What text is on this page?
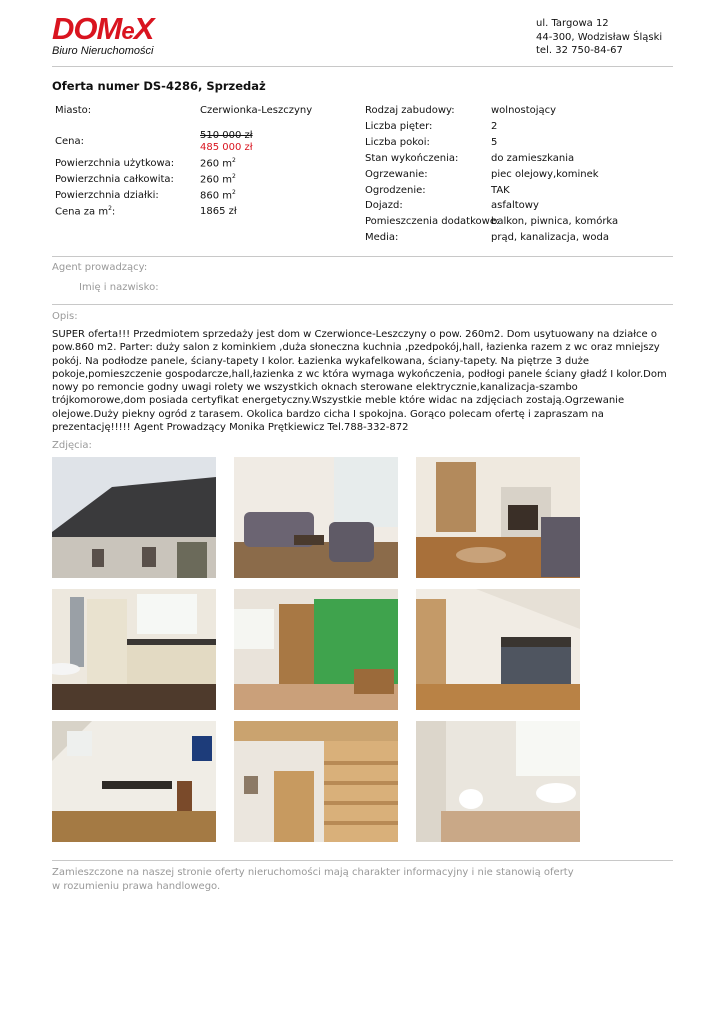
DOMeX
Biuro Nieruchomości
ul. Targowa 12
44-300, Wodzisław Śląski
tel. 32 750-84-67
Oferta numer DS-4286, Sprzedaż
Miasto:	Czerwionka-Leszczyny
Cena:
510 000 zł
485 000 zł
Powierzchnia użytkowa:	260 $m^2$
Powierzchnia całkowita:	260 $m^2$
Powierzchnia działki:	860 $m^2$
Cena za $m^2$:	1865 zł
Rodzaj zabudowy:	wolnostojący
Liczba pięter:	2
Liczba pokoi:	5
Stan wykończenia:	do zamieszkania
Ogrzewanie:	piec olejowy,kominek
Ogrodzenie:	TAK
Dojazd:	asfaltowy
Pomieszczenia dodatkowe:
balkon, piwnica, komórka
Media:	prąd, kanalizacja, woda
Agent prowadzący:
Imię i nazwisko:
Opis:
SUPER oferta!!! Przedmiotem sprzedaży jest dom w Czerwionce-Leszczyny o pow. 260m2. Dom usytuowany na działce o pow.860 m2. Parter: duży salon z kominkiem ,duża słoneczna kuchnia ,pzedpokój,hall, łazienka razem z wc oraz mniejszy pokój. Na podłodze panele, ściany-tapety I kolor. Łazienka wykafelkowana, ściany-tapety. Na piętrze 3 duże pokoje,pomieszczenie gospodarcze,hall,łazienka z wc która wymaga wykończenia, podłogi panele ściany gładź I kolor.Dom nowy po remoncie godny uwagi rolety we wszystkich oknach sterowane elektrycznie,kanalizacja-szambo trójkomorowe,dom posiada certyfikat energetyczny.Wszystkie meble które widac na zdjęciach zostają.Ogrzewanie olejowe.Duży piekny ogród z tarasem. Okolica bardzo cicha I spokojna. Gorąco polecam ofertę i zapraszam na prezentację!!!!! Agent Prowadzący Monika Prętkiewicz Tel.788-332-872
Zdjęcia:
Zamieszczone na naszej stronie oferty nieruchomości mają charakter informacyjny i nie stanowią oferty
w rozumieniu prawa handlowego.
